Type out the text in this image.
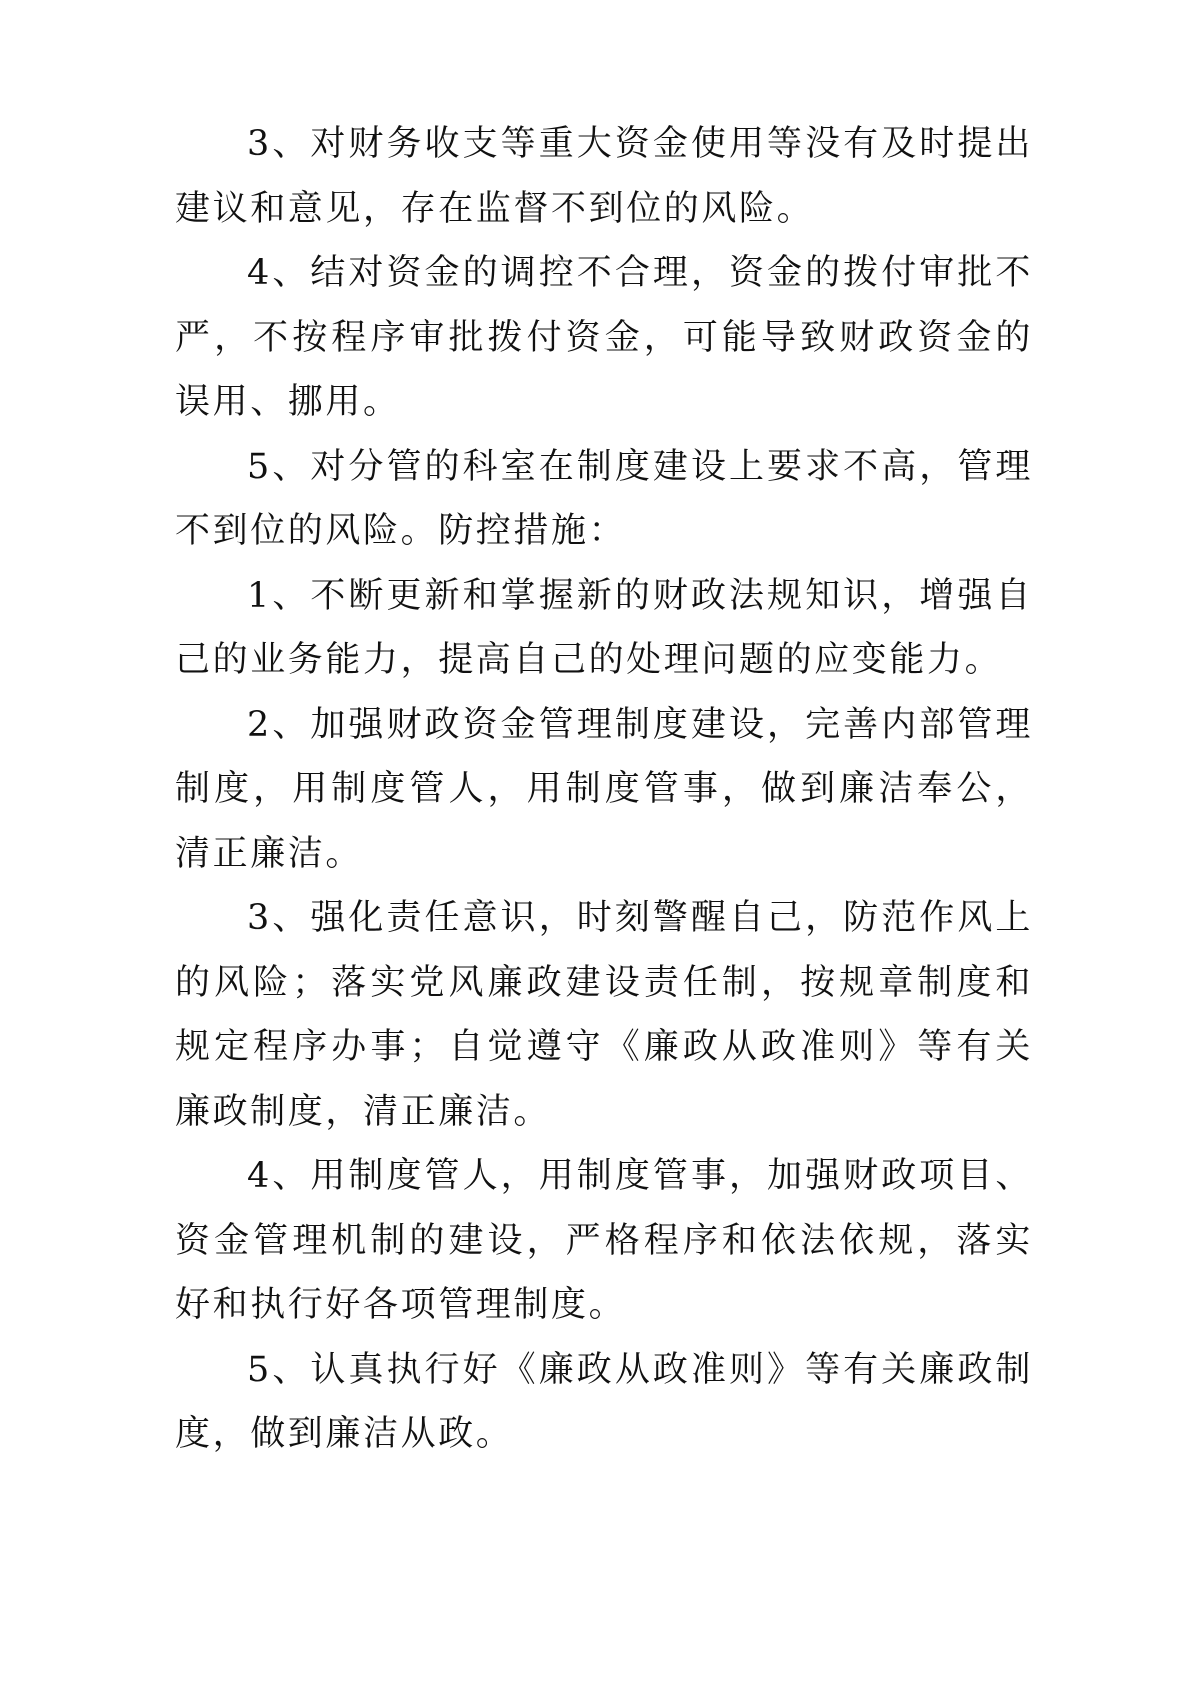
3、对财务收支等重大资金使用等没有及时提出建议和意见，存在监督不到位的风险。

4、结对资金的调控不合理，资金的拨付审批不严，不按程序审批拨付资金，可能导致财政资金的误用、挪用。

5、对分管的科室在制度建设上要求不高，管理不到位的风险。防控措施：

1、不断更新和掌握新的财政法规知识，增强自己的业务能力，提高自己的处理问题的应变能力。

2、加强财政资金管理制度建设，完善内部管理制度，用制度管人，用制度管事，做到廉洁奉公，清正廉洁。

3、强化责任意识，时刻警醒自己，防范作风上的风险；落实党风廉政建设责任制，按规章制度和规定程序办事；自觉遵守《廉政从政准则》等有关廉政制度，清正廉洁。

4、用制度管人，用制度管事，加强财政项目、资金管理机制的建设，严格程序和依法依规，落实好和执行好各项管理制度。

5、认真执行好《廉政从政准则》等有关廉政制度，做到廉洁从政。
